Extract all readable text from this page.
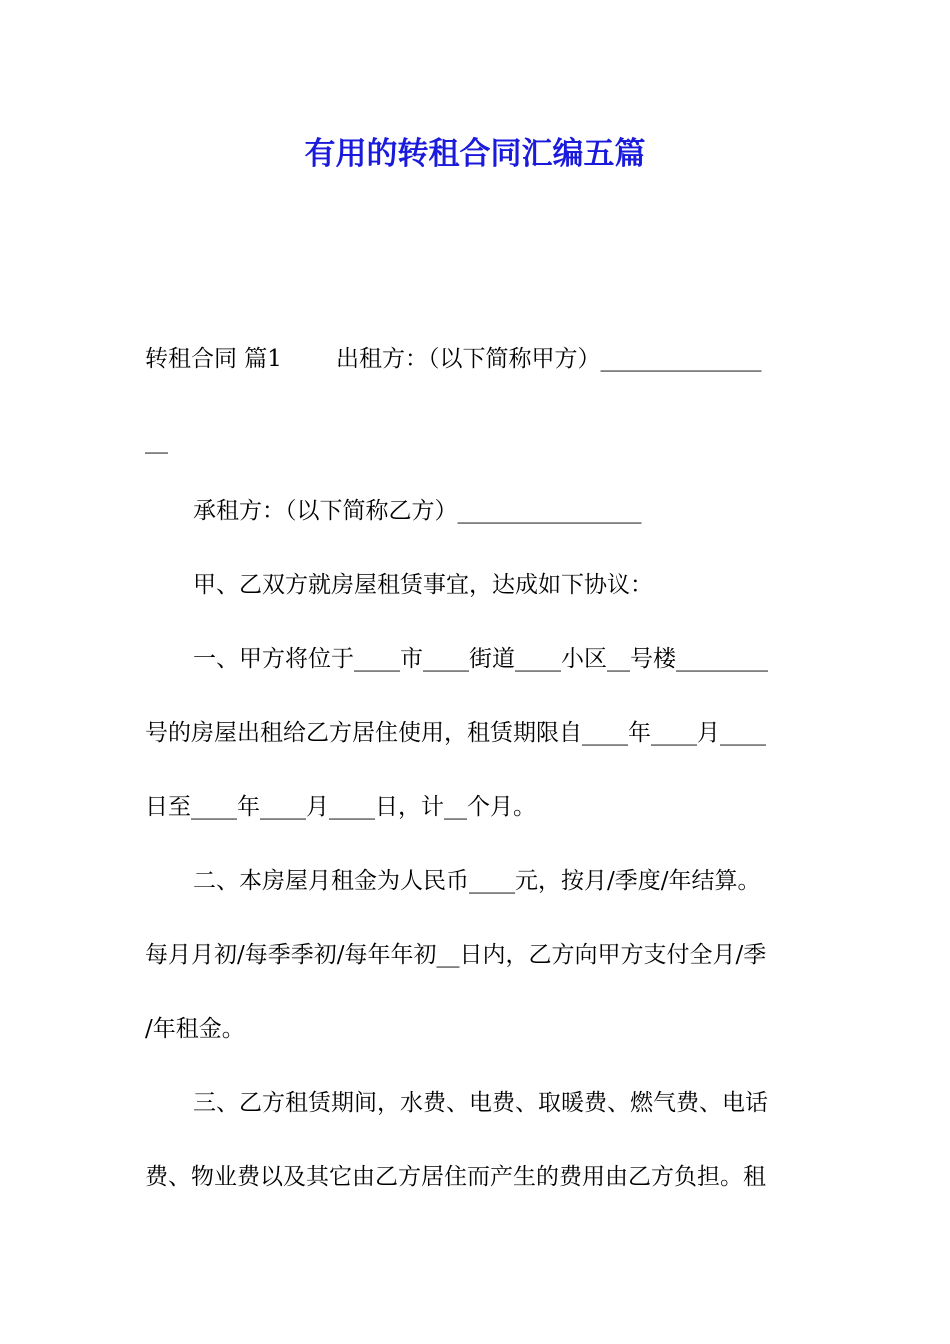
有用的转租合同汇编五篇
转租合同 篇1 出租方：（以下简称甲方）______________
__
承租方：（以下简称乙方）________________
甲、乙双方就房屋租赁事宜，达成如下协议：
一、甲方将位于____市____街道____小区__号楼________
号的房屋出租给乙方居住使用，租赁期限自____年____月____
日至____年____月____日，计__个月。
二、本房屋月租金为人民币____元，按月/季度/年结算。
每月月初/每季季初/每年年初__日内，乙方向甲方支付全月/季
/年租金。
三、乙方租赁期间，水费、电费、取暖费、燃气费、电话
费、物业费以及其它由乙方居住而产生的费用由乙方负担。租
